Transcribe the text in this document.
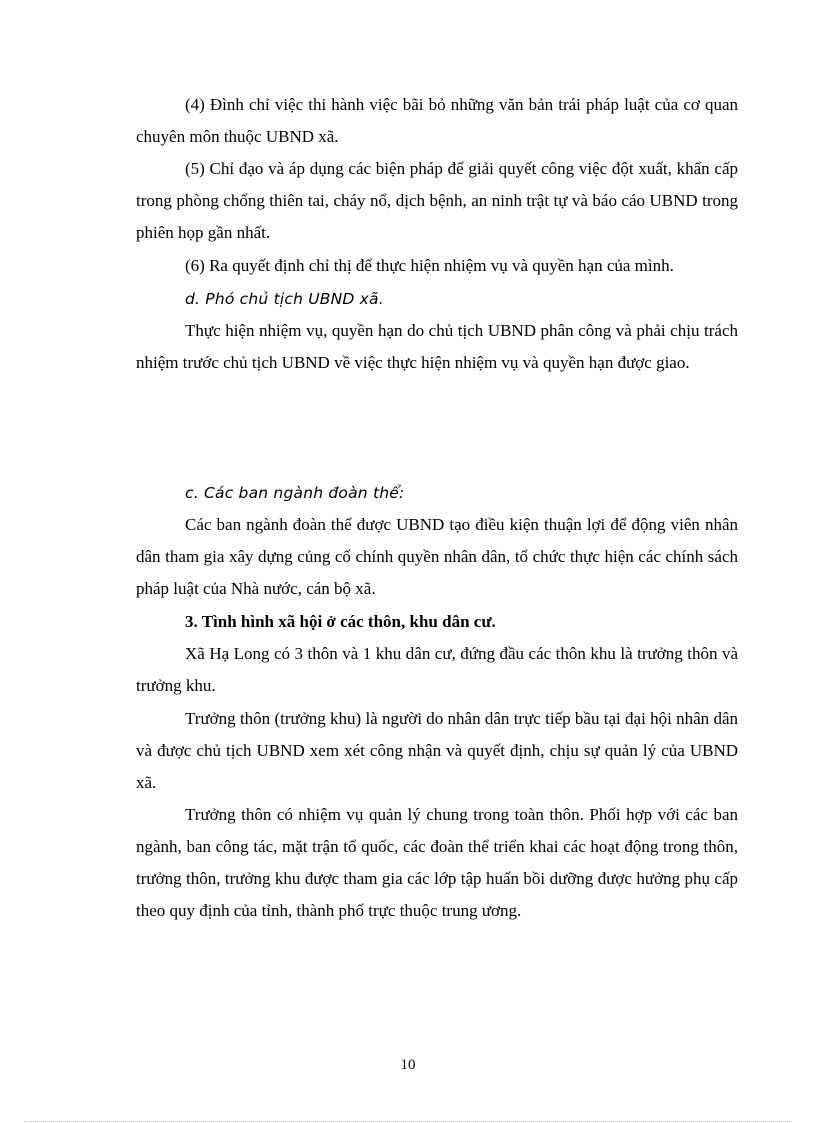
(4) Đình chỉ việc thi hành việc bãi bỏ những văn bản trái pháp luật của cơ quan chuyên môn thuộc UBND xã.

(5) Chỉ đạo và áp dụng các biện pháp để giải quyết công việc đột xuất, khẩn cấp trong phòng chống thiên tai, cháy nổ, dịch bệnh, an ninh trật tự và báo cáo UBND trong phiên họp gần nhất.

(6) Ra quyết định chỉ thị để thực hiện nhiệm vụ và quyền hạn của mình.

d. Phó chủ tịch UBND xã.

Thực hiện nhiệm vụ, quyền hạn do chủ tịch UBND phân công và phải chịu trách nhiệm trước chủ tịch UBND về việc thực hiện nhiệm vụ và quyền hạn được giao.

c. Các ban ngành đoàn thể:

Các ban ngành đoàn thể được UBND tạo điều kiện thuận lợi để động viên nhân dân tham gia xây dựng củng cố chính quyền nhân dân, tổ chức thực hiện các chính sách pháp luật của Nhà nước, cán bộ xã.

3. Tình hình xã hội ở các thôn, khu dân cư.

Xã Hạ Long có 3 thôn và 1 khu dân cư, đứng đầu các thôn khu là trưởng thôn và trưởng khu.

Trưởng thôn (trưởng khu) là người do nhân dân trực tiếp bầu tại đại hội nhân dân và được chủ tịch UBND xem xét công nhận và quyết định, chịu sự quản lý của UBND xã.

Trưởng thôn có nhiệm vụ quản lý chung trong toàn thôn. Phối hợp với các ban ngành, ban công tác, mặt trận tổ quốc, các đoàn thể triển khai các hoạt động trong thôn, trưởng thôn, trưởng khu được tham gia các lớp tập huấn bồi dưỡng được hưởng phụ cấp theo quy định của tỉnh, thành phố trực thuộc trung ương.

10
